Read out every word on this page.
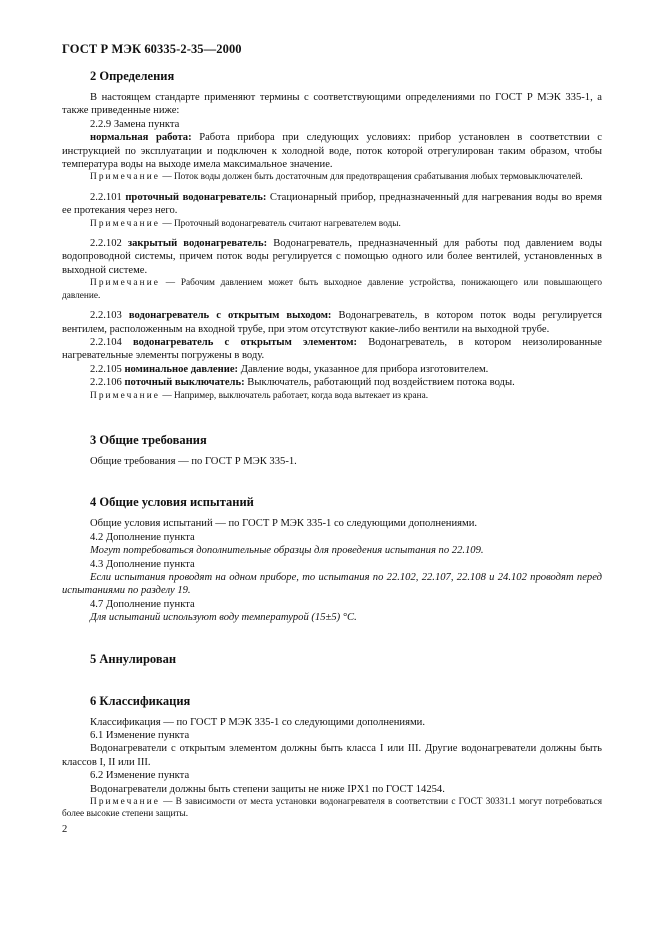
ГОСТ Р МЭК 60335-2-35—2000
2 Определения

В настоящем стандарте применяют термины с соответствующими определениями по ГОСТ Р МЭК 335-1, а также приведенные ниже:

2.2.9 Замена пункта

нормальная работа: Работа прибора при следующих условиях: прибор установлен в соответствии с инструкцией по эксплуатации и подключен к холодной воде, поток которой отрегулирован таким образом, чтобы температура воды на выходе имела максимальное значение.

Примечание — Поток воды должен быть достаточным для предотвращения срабатывания любых термовыключателей.

2.2.101 проточный водонагреватель: Стационарный прибор, предназначенный для нагревания воды во время ее протекания через него.

Примечание — Проточный водонагреватель считают нагревателем воды.

2.2.102 закрытый водонагреватель: Водонагреватель, предназначенный для работы под давлением воды водопроводной системы, причем поток воды регулируется с помощью одного или более вентилей, установленных в выходной системе.

Примечание — Рабочим давлением может быть выходное давление устройства, понижающего или повышающего давление.

2.2.103 водонагреватель с открытым выходом: Водонагреватель, в котором поток воды регулируется вентилем, расположенным на входной трубе, при этом отсутствуют какие-либо вентили на выходной трубе.

2.2.104 водонагреватель с открытым элементом: Водонагреватель, в котором неизолированные нагревательные элементы погружены в воду.

2.2.105 номинальное давление: Давление воды, указанное для прибора изготовителем.

2.2.106 поточный выключатель: Выключатель, работающий под воздействием потока воды.

Примечание — Например, выключатель работает, когда вода вытекает из крана.

3 Общие требования

Общие требования — по ГОСТ Р МЭК 335-1.

4 Общие условия испытаний

Общие условия испытаний — по ГОСТ Р МЭК 335-1 со следующими дополнениями.

4.2 Дополнение пункта

Могут потребоваться дополнительные образцы для проведения испытания по 22.109.

4.3 Дополнение пункта

Если испытания проводят на одном приборе, то испытания по 22.102, 22.107, 22.108 и 24.102 проводят перед испытаниями по разделу 19.

4.7 Дополнение пункта

Для испытаний используют воду температурой (15±5) °С.

5 Аннулирован
6 Классификация

Классификация — по ГОСТ Р МЭК 335-1 со следующими дополнениями.

6.1 Изменение пункта

Водонагреватели с открытым элементом должны быть класса I или III. Другие водонагреватели должны быть классов I, II или III.

6.2 Изменение пункта

Водонагреватели должны быть степени защиты не ниже IPX1 по ГОСТ 14254.

Примечание — В зависимости от места установки водонагревателя в соответствии с ГОСТ 30331.1 могут потребоваться более высокие степени защиты.

2
